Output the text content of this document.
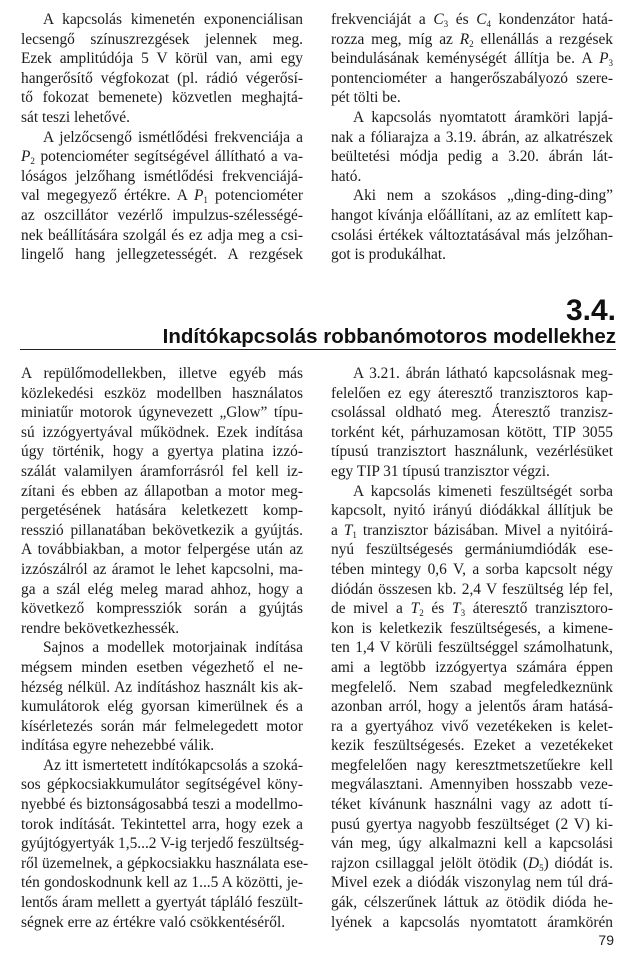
A kapcsolás kimenetén exponenciálisan
lecsengő színuszrezgések jelennek meg.
Ezek amplitúdója 5 V körül van, ami egy
hangerősítő végfokozat (pl. rádió végerősí-
tő fokozat bemenete) közvetlen meghajtá-
sát teszi lehetővé.
A jelzőcsengő ismétlődési frekvenciája a
$P_2$ potenciométer segítségével állítható a va-
lóságos jelzőhang ismétlődési frekvenciájá-
val megegyező értékre. A $P_1$ potenciométer
az oszcillátor vezérlő impulzus-szélességé-
nek beállítására szolgál és ez adja meg a csi-
lingelő hang jellegzetességét. A rezgések
frekvenciáját a $C_3$ és $C_4$ kondenzátor hatá-
rozza meg, míg az $R_2$ ellenállás a rezgések
beindulásának keménységét állítja be. A $P_3$
pontenciométer a hangerőszabályozó szere-
pét tölti be.
A kapcsolás nyomtatott áramköri lapjá-
nak a fóliarajza a 3.19. ábrán, az alkatrészek
beültetési módja pedig a 3.20. ábrán lát-
ható.
Aki nem a szokásos „ding-ding-ding”
hangot kívánja előállítani, az az említett kap-
csolási értékek változtatásával más jelzőhan-
got is produkálhat.
3.4.
Indítókapcsolás robbanómotoros modellekhez
A repülőmodellekben, illetve egyéb más
közlekedési eszköz modellben használatos
miniatűr motorok úgynevezett „Glow” típu-
sú izzógyertyával működnek. Ezek indítása
úgy történik, hogy a gyertya platina izzó-
szálát valamilyen áramforrásról fel kell iz-
zítani és ebben az állapotban a motor meg-
pergetésének hatására keletkezett komp-
resszió pillanatában bekövetkezik a gyújtás.
A továbbiakban, a motor felpergése után az
izzószálról az áramot le lehet kapcsolni, ma-
ga a szál elég meleg marad ahhoz, hogy a
következő kompressziók során a gyújtás
rendre bekövetkezhessék.
Sajnos a modellek motorjainak indítása
mégsem minden esetben végezhető el ne-
hézség nélkül. Az indításhoz használt kis ak-
kumulátorok elég gyorsan kimerülnek és a
kísérletezés során már felmelegedett motor
indítása egyre nehezebbé válik.
Az itt ismertetett indítókapcsolás a szoká-
sos gépkocsiakkumulátor segítségével köny-
nyebbé és biztonságosabbá teszi a modellmo-
torok indítását. Tekintettel arra, hogy ezek a
gyújtógyertyák 1,5...2 V-ig terjedő feszültség-
ről üzemelnek, a gépkocsiakku használata ese-
tén gondoskodnunk kell az 1...5 A közötti, je-
lentős áram mellett a gyertyát tápláló feszült-
ségnek erre az értékre való csökkentéséről.
A 3.21. ábrán látható kapcsolásnak meg-
felelően ez egy áteresztő tranzisztoros kap-
csolással oldható meg. Áteresztő tranzisz-
torként két, párhuzamosan kötött, TIP 3055
típusú tranzisztort használunk, vezérlésüket
egy TIP 31 típusú tranzisztor végzi.
A kapcsolás kimeneti feszültségét sorba
kapcsolt, nyitó irányú diódákkal állítjuk be
a $T_1$ tranzisztor bázisában. Mivel a nyitóirá-
nyú feszültségesés germániumdiódák ese-
tében mintegy 0,6 V, a sorba kapcsolt négy
diódán összesen kb. 2,4 V feszültség lép fel,
de mivel a $T_2$ és $T_3$ áteresztő tranzisztoro-
kon is keletkezik feszültségesés, a kimene-
ten 1,4 V körüli feszültséggel számolhatunk,
ami a legtöbb izzógyertya számára éppen
megfelelő. Nem szabad megfeledkeznünk
azonban arról, hogy a jelentős áram hatásá-
ra a gyertyához vivő vezetékeken is kelet-
kezik feszültségesés. Ezeket a vezetékeket
megfelelően nagy keresztmetszetűekre kell
megválasztani. Amennyiben hosszabb veze-
téket kívánunk használni vagy az adott tí-
pusú gyertya nagyobb feszültséget (2 V) ki-
ván meg, úgy alkalmazni kell a kapcsolási
rajzon csillaggal jelölt ötödik $(D_5)$ diódát is.
Mivel ezek a diódák viszonylag nem túl drá-
gák, célszerűnek láttuk az ötödik dióda he-
lyének a kapcsolás nyomtatott áramkörén
79
